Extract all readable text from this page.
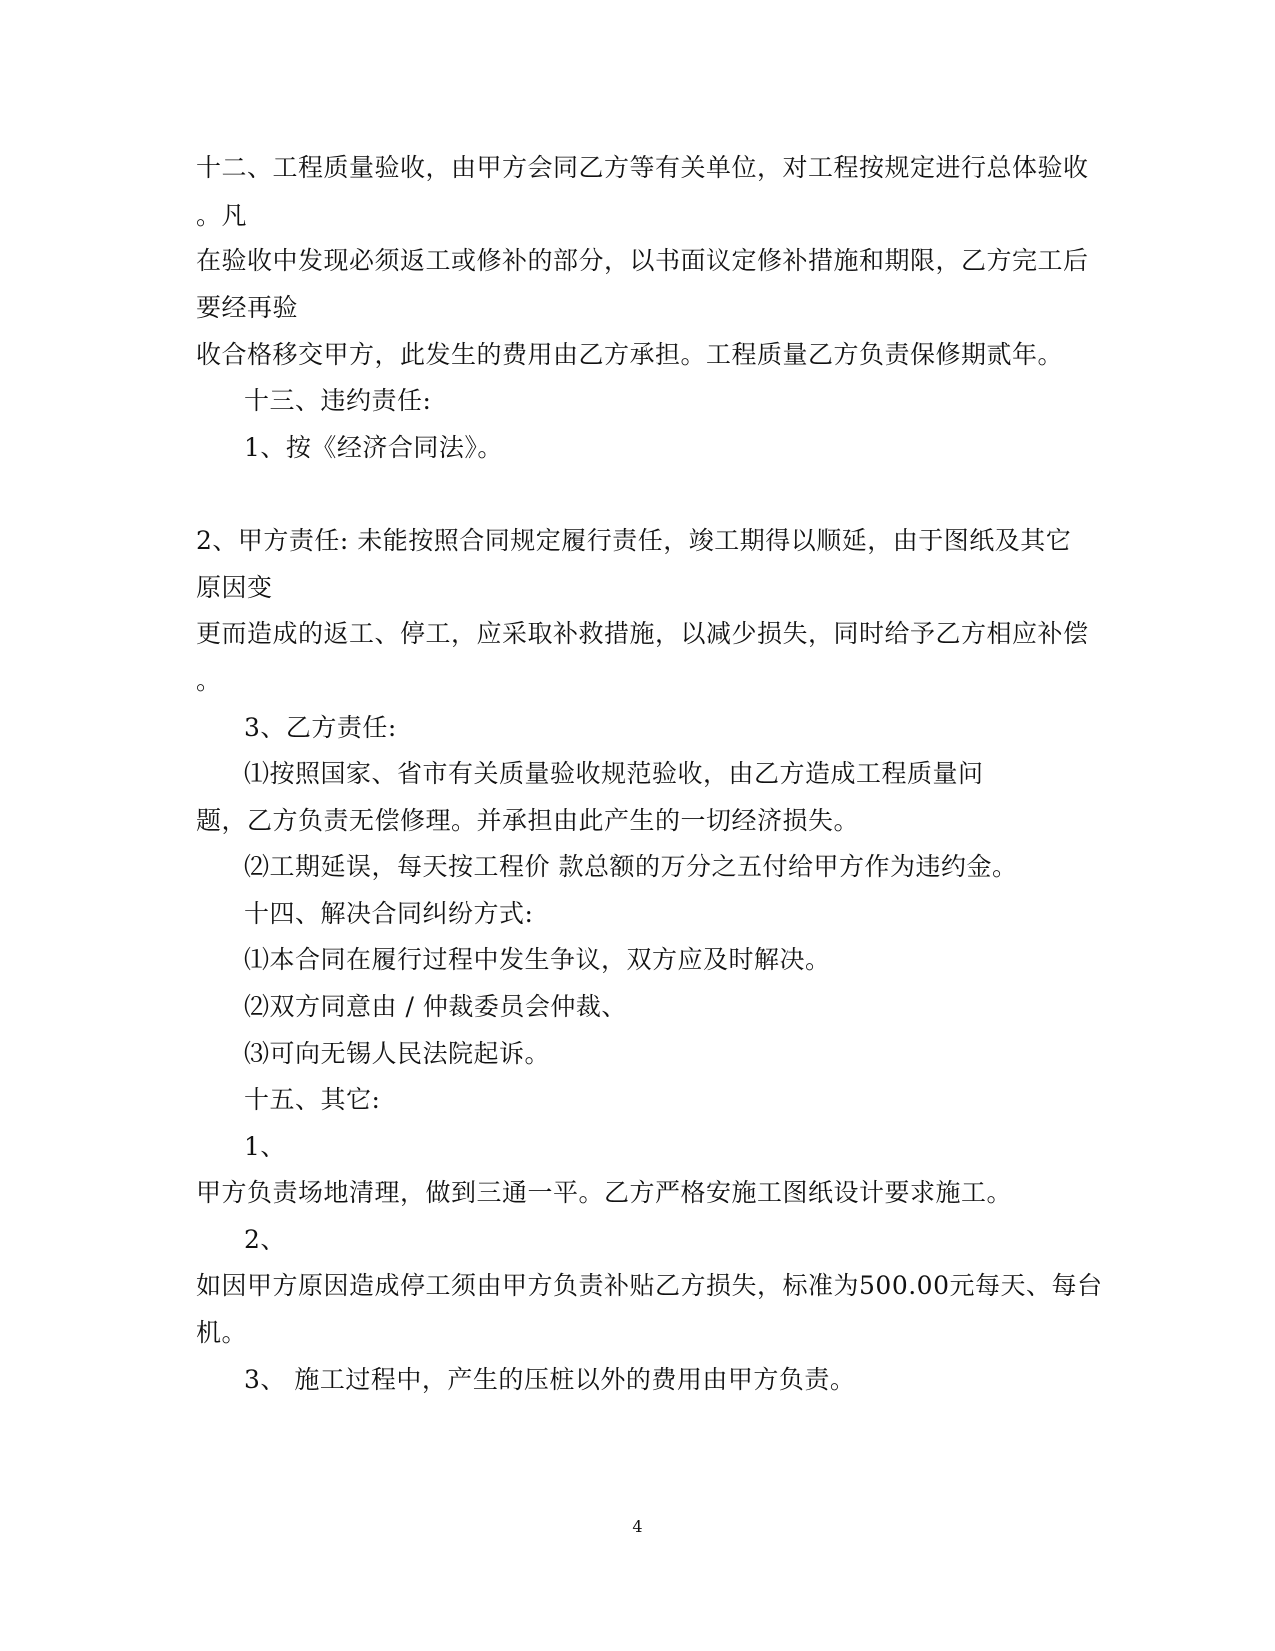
十二、工程质量验收，由甲方会同乙方等有关单位，对工程按规定进行总体验收
。凡
在验收中发现必须返工或修补的部分，以书面议定修补措施和期限，乙方完工后
要经再验
收合格移交甲方，此发生的费用由乙方承担。工程质量乙方负责保修期贰年。
十三、违约责任:
1、按《经济合同法》。
2、甲方责任: 未能按照合同规定履行责任，竣工期得以顺延，由于图纸及其它
原因变
更而造成的返工、停工，应采取补救措施，以减少损失，同时给予乙方相应补偿
。
3、乙方责任:
⑴按照国家、省市有关质量验收规范验收，由乙方造成工程质量问
题，乙方负责无偿修理。并承担由此产生的一切经济损失。
⑵工期延误，每天按工程价 款总额的万分之五付给甲方作为违约金。
十四、解决合同纠纷方式:
⑴本合同在履行过程中发生争议，双方应及时解决。
⑵双方同意由 / 仲裁委员会仲裁、
⑶可向无锡人民法院起诉。
十五、其它:
1、
甲方负责场地清理，做到三通一平。乙方严格安施工图纸设计要求施工。
2、
如因甲方原因造成停工须由甲方负责补贴乙方损失，标准为500.00元每天、每台
机。
3、 施工过程中，产生的压桩以外的费用由甲方负责。
4
